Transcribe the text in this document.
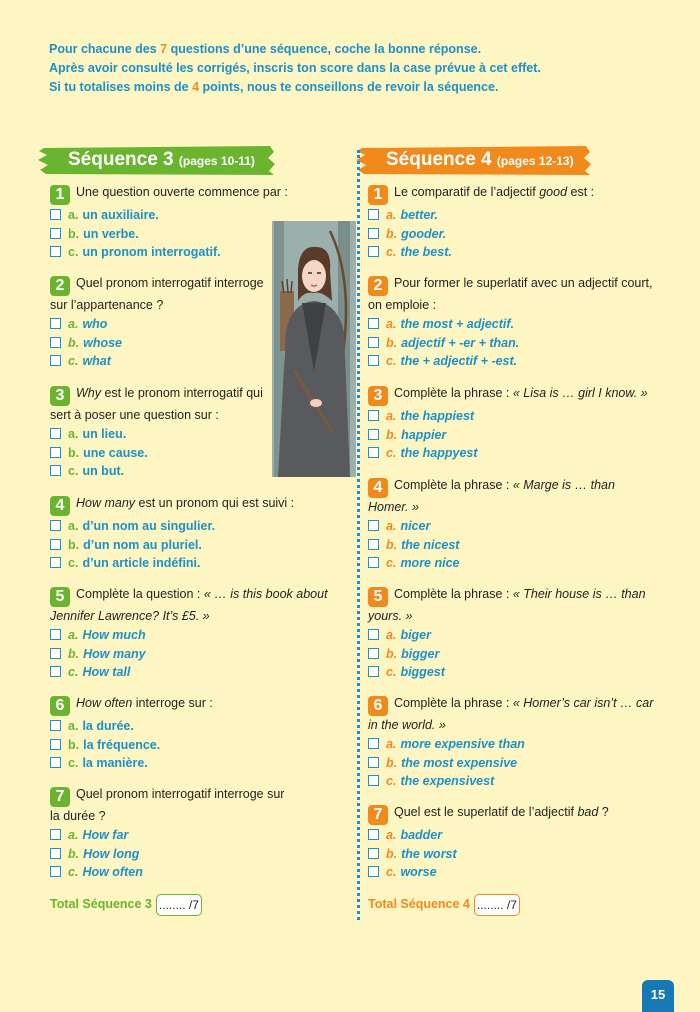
Pour chacune des 7 questions d’une séquence, coche la bonne réponse.
Après avoir consulté les corrigés, inscris ton score dans la case prévue à cet effet.
Si tu totalises moins de 4 points, nous te conseillons de revoir la séquence.
Séquence 3 (pages 10-11)	Séquence 4 (pages 12-13)
1 Une question ouverte commence par :
a. un auxiliaire.
b. un verbe.
c. un pronom interrogatif.
2 Quel pronom interrogatif interroge sur l’appartenance ?
a. who
b. whose
c. what
3 Why est le pronom interrogatif qui sert à poser une question sur :
a. un lieu.
b. une cause.
c. un but.
4 How many est un pronom qui est suivi :
a. d’un nom au singulier.
b. d’un nom au pluriel.
c. d’un article indéfini.
5 Complète la question : « … is this book about Jennifer Lawrence? It’s £5. »
a. How much
b. How many
c. How tall
6 How often interroge sur :
a. la durée.
b. la fréquence.
c. la manière.
7 Quel pronom interrogatif interroge sur la durée ?
a. How far
b. How long
c. How often
Total Séquence 3 ........ /7
1 Le comparatif de l’adjectif good est :
a. better.
b. gooder.
c. the best.
2 Pour former le superlatif avec un adjectif court, on emploie :
a. the most + adjectif.
b. adjectif + -er + than.
c. the + adjectif + -est.
3 Complète la phrase : « Lisa is … girl I know. »
a. the happiest
b. happier
c. the happyest
4 Complète la phrase : « Marge is … than Homer. »
a. nicer
b. the nicest
c. more nice
5 Complète la phrase : « Their house is … than yours. »
a. biger
b. bigger
c. biggest
6 Complète la phrase : « Homer’s car isn’t … car in the world. »
a. more expensive than
b. the most expensive
c. the expensivest
7 Quel est le superlatif de l’adjectif bad ?
a. badder
b. the worst
c. worse
Total Séquence 4 ........ /7
15
